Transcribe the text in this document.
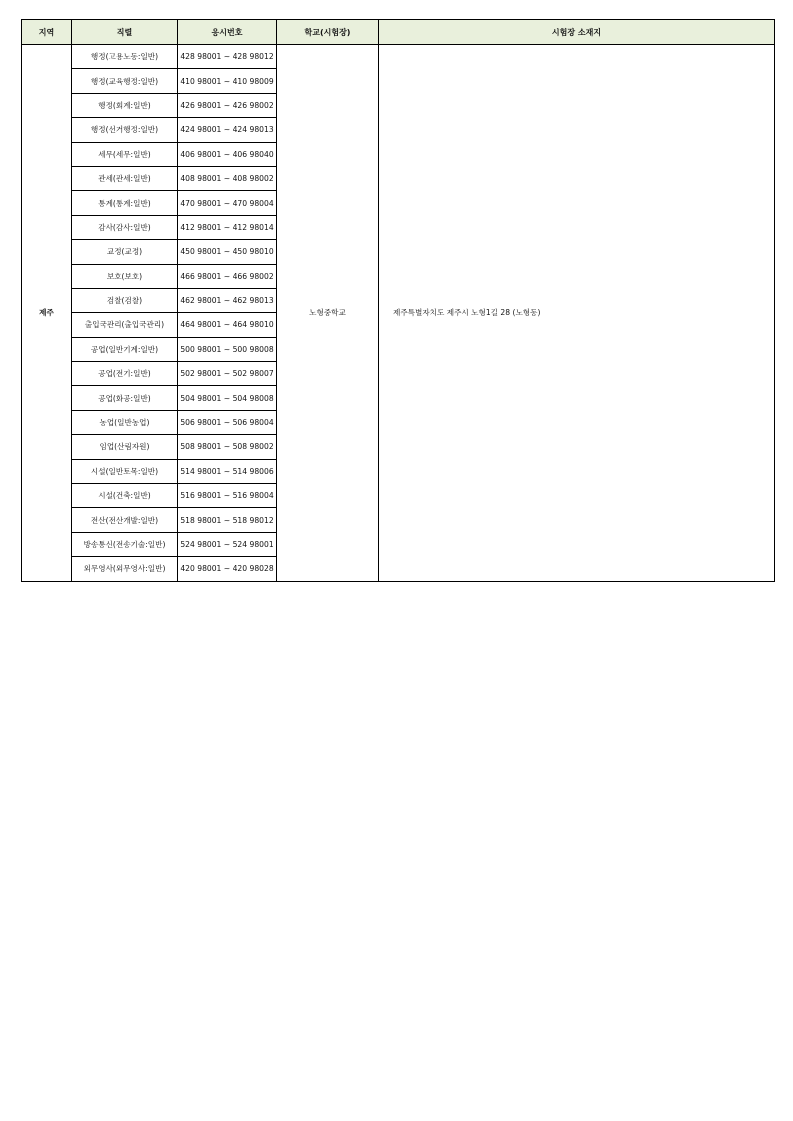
지역	직렬	응시번호	학교(시험장)	시험장 소재지
제주	행정(고용노동:일반)	428 98001 ~ 428 98012	노형중학교	제주특별자치도 제주시 노형1길 28 (노형동)
	행정(교육행정:일반)	410 98001 ~ 410 98009		
	행정(회계:일반)	426 98001 ~ 426 98002		
	행정(선거행정:일반)	424 98001 ~ 424 98013		
	세무(세무:일반)	406 98001 ~ 406 98040		
	관세(관세:일반)	408 98001 ~ 408 98002		
	통계(통계:일반)	470 98001 ~ 470 98004		
	감사(감사:일반)	412 98001 ~ 412 98014		
	교정(교정)	450 98001 ~ 450 98010		
	보호(보호)	466 98001 ~ 466 98002		
	검찰(검찰)	462 98001 ~ 462 98013		
	출입국관리(출입국관리)	464 98001 ~ 464 98010		
	공업(일반기계:일반)	500 98001 ~ 500 98008		
	공업(전기:일반)	502 98001 ~ 502 98007		
	공업(화공:일반)	504 98001 ~ 504 98008		
	농업(일반농업)	506 98001 ~ 506 98004		
	임업(산림자원)	508 98001 ~ 508 98002		
	시설(일반토목:일반)	514 98001 ~ 514 98006		
	시설(건축:일반)	516 98001 ~ 516 98004		
	전산(전산개발:일반)	518 98001 ~ 518 98012		
	방송통신(전송기술:일반)	524 98001 ~ 524 98001		
	외무영사(외무영사:일반)	420 98001 ~ 420 98028		
